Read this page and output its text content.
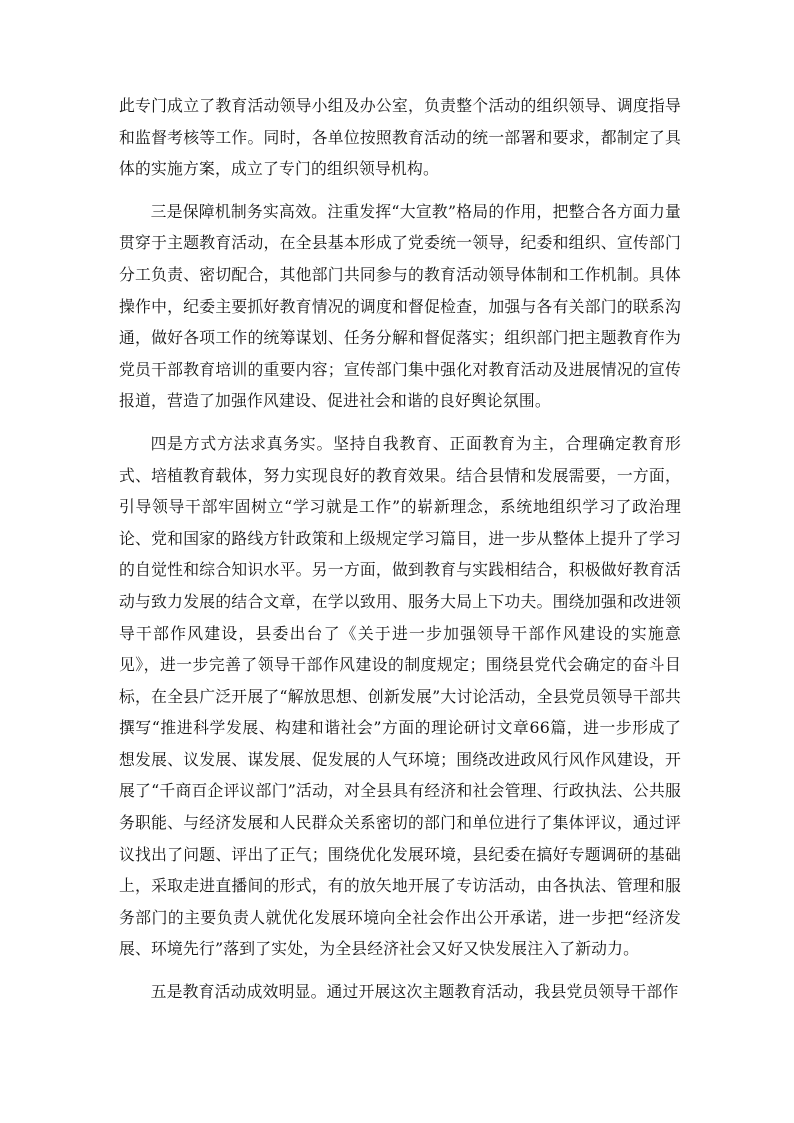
此专门成立了教育活动领导小组及办公室，负责整个活动的组织领导、调度指导和监督考核等工作。同时，各单位按照教育活动的统一部署和要求，都制定了具体的实施方案，成立了专门的组织领导机构。

三是保障机制务实高效。注重发挥“大宣教”格局的作用，把整合各方面力量贯穿于主题教育活动，在全县基本形成了党委统一领导，纪委和组织、宣传部门分工负责、密切配合，其他部门共同参与的教育活动领导体制和工作机制。具体操作中，纪委主要抓好教育情况的调度和督促检查，加强与各有关部门的联系沟通，做好各项工作的统筹谋划、任务分解和督促落实；组织部门把主题教育作为党员干部教育培训的重要内容；宣传部门集中强化对教育活动及进展情况的宣传报道，营造了加强作风建设、促进社会和谐的良好舆论氛围。

四是方式方法求真务实。坚持自我教育、正面教育为主，合理确定教育形式、培植教育载体，努力实现良好的教育效果。结合县情和发展需要，一方面，引导领导干部牢固树立“学习就是工作”的崭新理念，系统地组织学习了政治理论、党和国家的路线方针政策和上级规定学习篇目，进一步从整体上提升了学习的自觉性和综合知识水平。另一方面，做到教育与实践相结合，积极做好教育活动与致力发展的结合文章，在学以致用、服务大局上下功夫。围绕加强和改进领导干部作风建设，县委出台了《关于进一步加强领导干部作风建设的实施意见》，进一步完善了领导干部作风建设的制度规定；围绕县党代会确定的奋斗目标，在全县广泛开展了“解放思想、创新发展”大讨论活动，全县党员领导干部共撰写“推进科学发展、构建和谐社会”方面的理论研讨文章66篇，进一步形成了想发展、议发展、谋发展、促发展的人气环境；围绕改进政风行风作风建设，开展了“千商百企评议部门”活动，对全县具有经济和社会管理、行政执法、公共服务职能、与经济发展和人民群众关系密切的部门和单位进行了集体评议，通过评议找出了问题、评出了正气；围绕优化发展环境，县纪委在搞好专题调研的基础上，采取走进直播间的形式，有的放矢地开展了专访活动，由各执法、管理和服务部门的主要负责人就优化发展环境向全社会作出公开承诺，进一步把“经济发展、环境先行”落到了实处，为全县经济社会又好又快发展注入了新动力。

五是教育活动成效明显。通过开展这次主题教育活动，我县党员领导干部作
